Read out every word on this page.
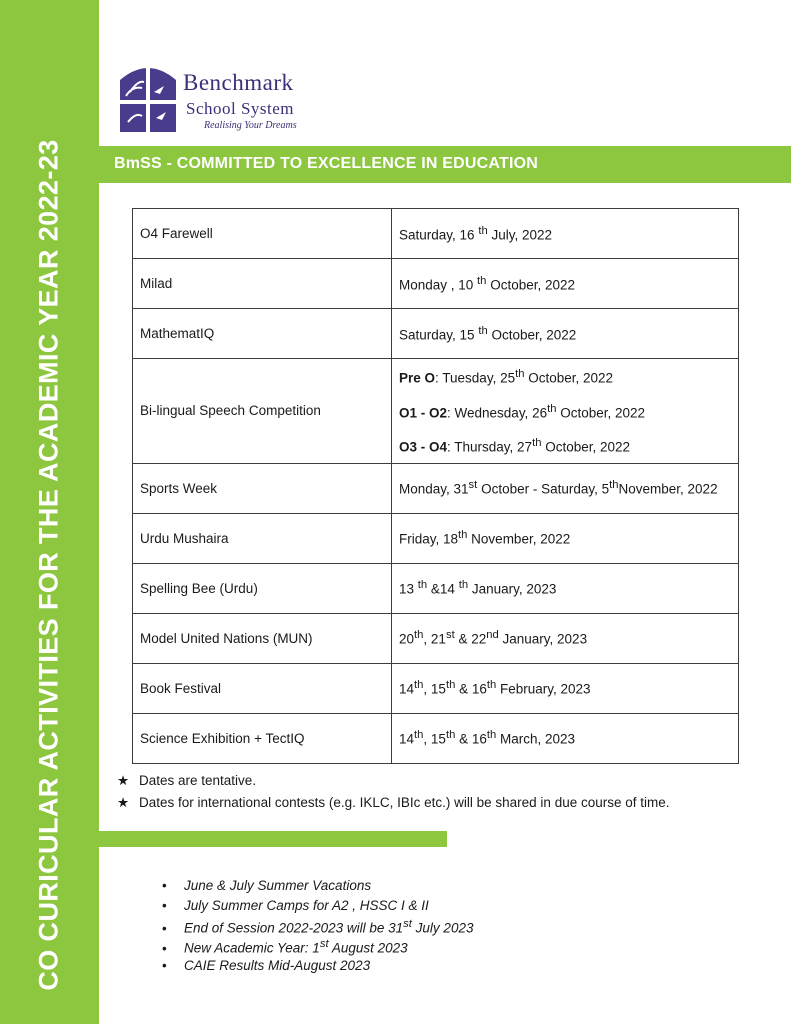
CO CURICULAR ACTIVITIES FOR THE ACADEMIC YEAR 2022-23
Benchmark
School System
Realising Your Dreams
BmSS - COMMITTED TO EXCELLENCE IN EDUCATION
O4 Farewell	Saturday, 16 $^{th}$ July, 2022
Milad	Monday , 10 $^{th}$ October, 2022
MathematIQ	Saturday, 15 $^{th}$ October, 2022
Bi-lingual Speech Competition	Pre O: Tuesday, 25th October, 2022
O1 - O2: Wednesday, 26th October, 2022
O3 - O4: Thursday, 27th October, 2022

Sports Week	Monday, 31st October - Saturday, 5thNovember, 2022
Urdu Mushaira	Friday, 18th November, 2022
Spelling Bee (Urdu)	13 $^{th}$ &14 $^{th}$ January, 2023
Model United Nations (MUN)	20th, 21st & 22nd January, 2023
Book Festival	14th, 15th & 16th February, 2023
Science Exhibition + TectIQ	14th, 15th & 16th March, 2023
★ Dates are tentative.
★ Dates for international contests (e.g. IKLC, IBIc etc.) will be shared in due course of time.
• June & July Summer Vacations
• July Summer Camps for A2 , HSSC I & II
• End of Session 2022-2023 will be 31st July 2023
• New Academic Year: 1st August 2023
• CAIE Results Mid-August 2023
